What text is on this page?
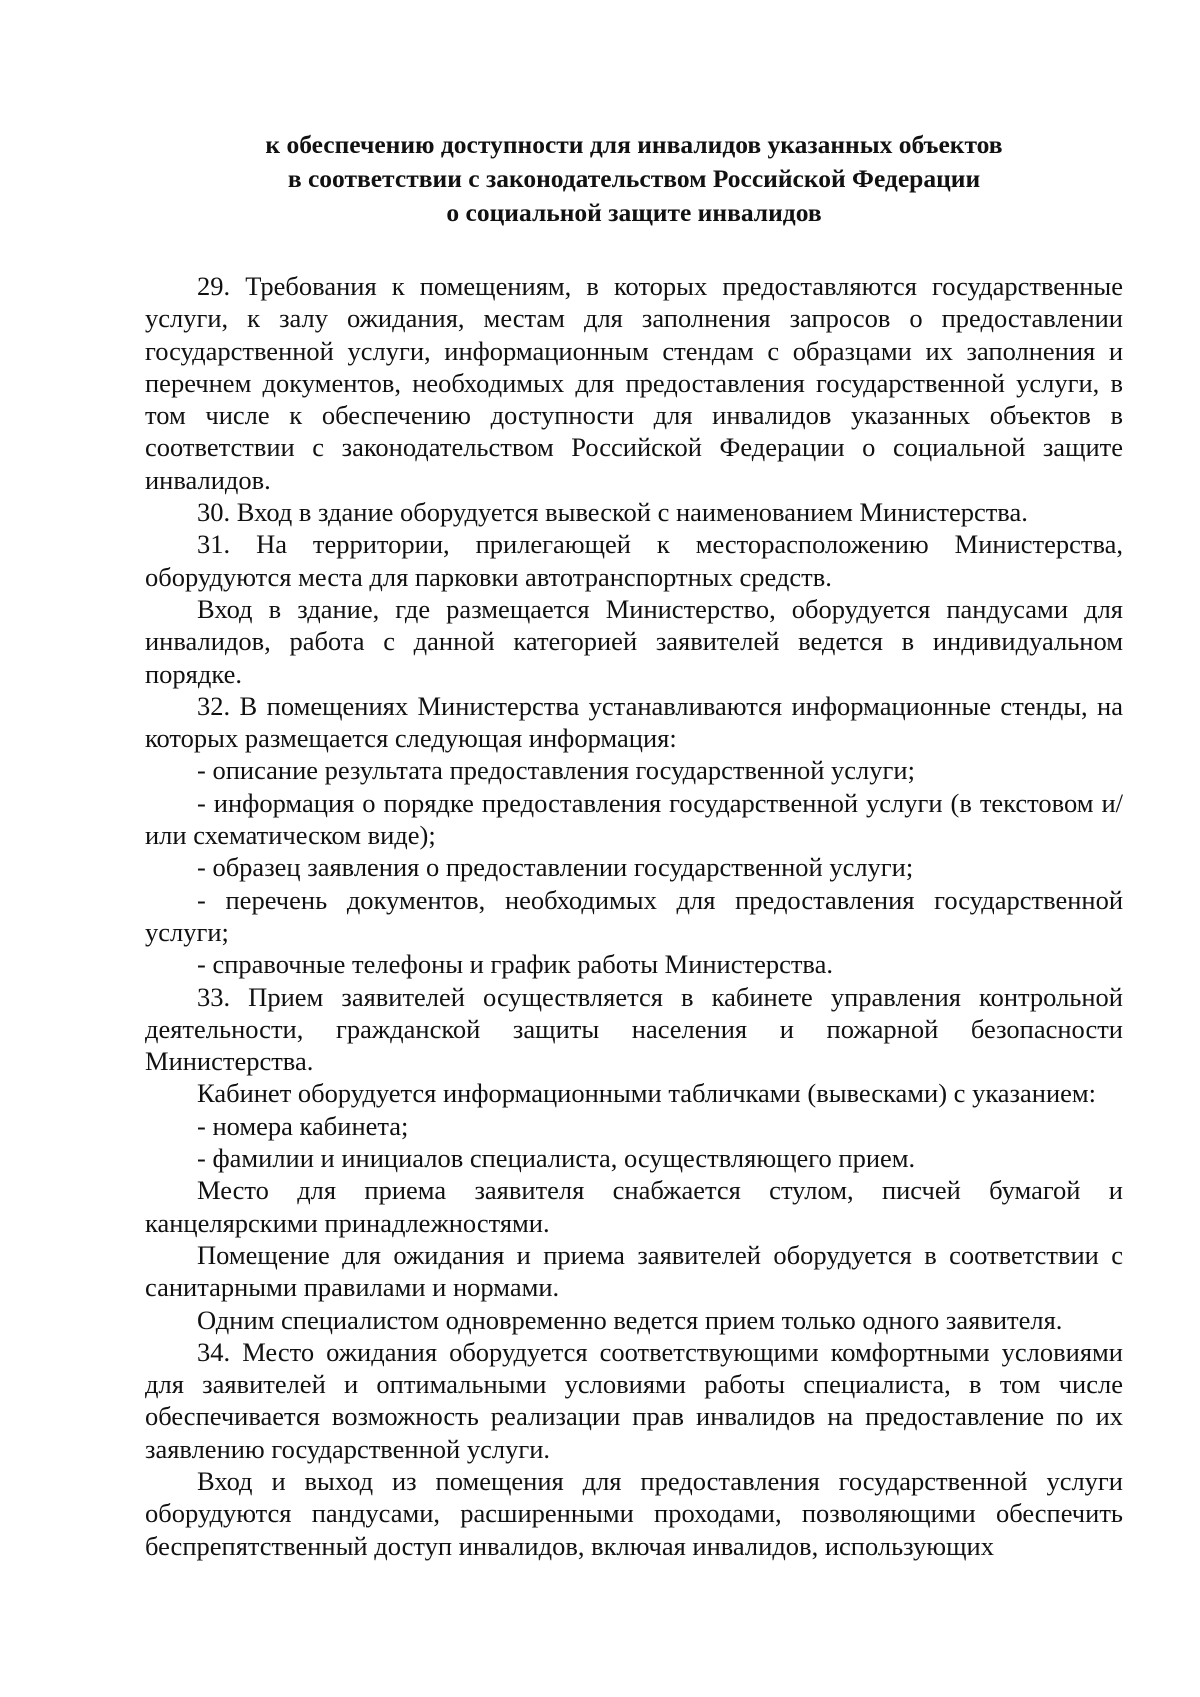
к обеспечению доступности для инвалидов указанных объектов
в соответствии с законодательством Российской Федерации
о социальной защите инвалидов

29. Требования к помещениям, в которых предоставляются государственные услуги, к залу ожидания, местам для заполнения запросов о предоставлении государственной услуги, информационным стендам с образцами их заполнения и перечнем документов, необходимых для предоставления государственной услуги, в том числе к обеспечению доступности для инвалидов указанных объектов в соответствии с законодательством Российской Федерации о социальной защите инвалидов.

30. Вход в здание оборудуется вывеской с наименованием Министерства.

31. На территории, прилегающей к месторасположению Министерства, оборудуются места для парковки автотранспортных средств.

Вход в здание, где размещается Министерство, оборудуется пандусами для инвалидов, работа с данной категорией заявителей ведется в индивидуальном порядке.

32. В помещениях Министерства устанавливаются информационные стенды, на которых размещается следующая информация:

- описание результата предоставления государственной услуги;

- информация о порядке предоставления государственной услуги (в текстовом и/или схематическом виде);

- образец заявления о предоставлении государственной услуги;

- перечень документов, необходимых для предоставления государственной услуги;

- справочные телефоны и график работы Министерства.

33. Прием заявителей осуществляется в кабинете управления контрольной деятельности, гражданской защиты населения и пожарной безопасности Министерства.

Кабинет оборудуется информационными табличками (вывесками) с указанием:

- номера кабинета;

- фамилии и инициалов специалиста, осуществляющего прием.

Место для приема заявителя снабжается стулом, писчей бумагой и канцелярскими принадлежностями.

Помещение для ожидания и приема заявителей оборудуется в соответствии с санитарными правилами и нормами.

Одним специалистом одновременно ведется прием только одного заявителя.

34. Место ожидания оборудуется соответствующими комфортными условиями для заявителей и оптимальными условиями работы специалиста, в том числе обеспечивается возможность реализации прав инвалидов на предоставление по их заявлению государственной услуги.

Вход и выход из помещения для предоставления государственной услуги оборудуются пандусами, расширенными проходами, позволяющими обеспечить беспрепятственный доступ инвалидов, включая инвалидов, использующих
